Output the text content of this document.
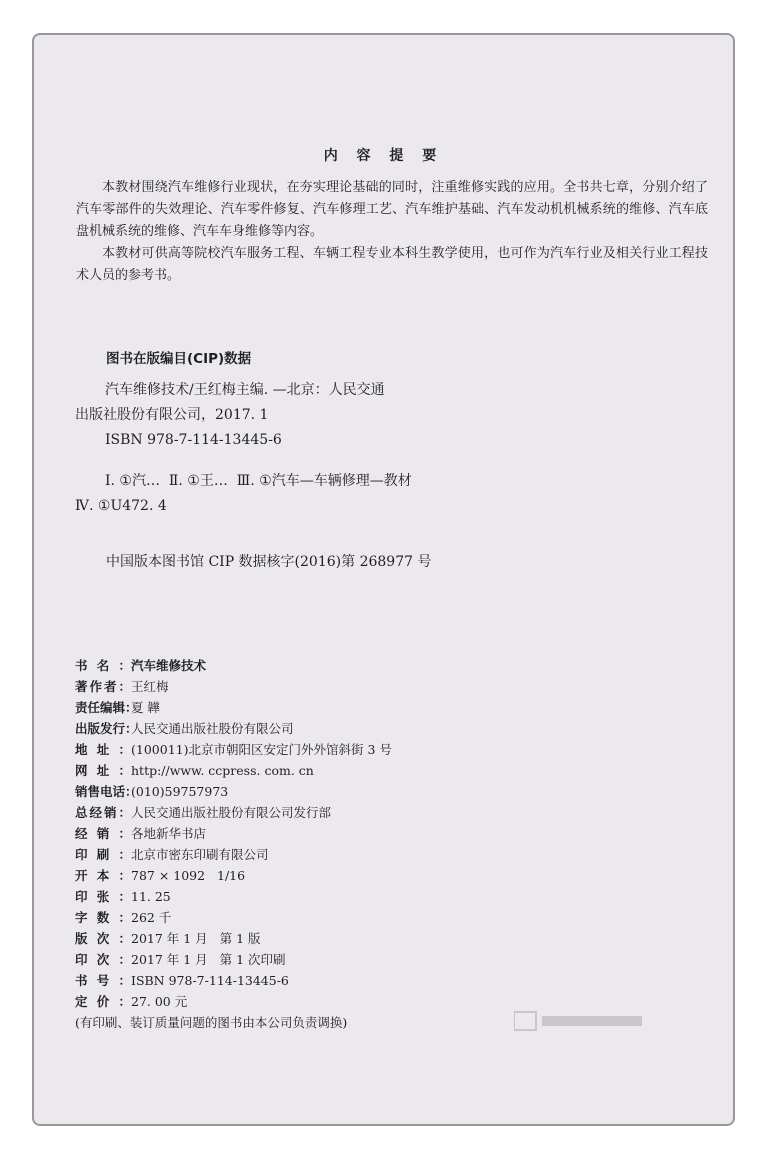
内 容 提 要

本教材围绕汽车维修行业现状，在夯实理论基础的同时，注重维修实践的应用。全书共七章，分别介绍了汽车零部件的失效理论、汽车零件修复、汽车修理工艺、汽车维护基础、汽车发动机机械系统的维修、汽车底盘机械系统的维修、汽车车身维修等内容。

本教材可供高等院校汽车服务工程、车辆工程专业本科生教学使用，也可作为汽车行业及相关行业工程技术人员的参考书。

图书在版编目(CIP)数据
汽车维修技术/王红梅主编. —北京：人民交通
出版社股份有限公司，2017. 1
ISBN 978-7-114-13445-6
Ⅰ. ①汽…  Ⅱ. ①王…  Ⅲ. ①汽车—车辆修理—教材
Ⅳ. ①U472. 4
中国版本图书馆 CIP 数据核字(2016)第 268977 号
书名：汽车维修技术
著作者：王红梅
责任编辑：夏 韡
出版发行：人民交通出版社股份有限公司
地址：(100011)北京市朝阳区安定门外外馆斜街 3 号
网址：http://www. ccpress. com. cn
销售电话：(010)59757973
总经销：人民交通出版社股份有限公司发行部
经销：各地新华书店
印刷：北京市密东印刷有限公司
开本：787 × 1092   1/16
印张：11. 25
字数：262 千
版次：2017 年 1 月   第 1 版
印次：2017 年 1 月   第 1 次印刷
书号：ISBN 978-7-114-13445-6
定价：27. 00 元
(有印刷、装订质量问题的图书由本公司负责调换)
